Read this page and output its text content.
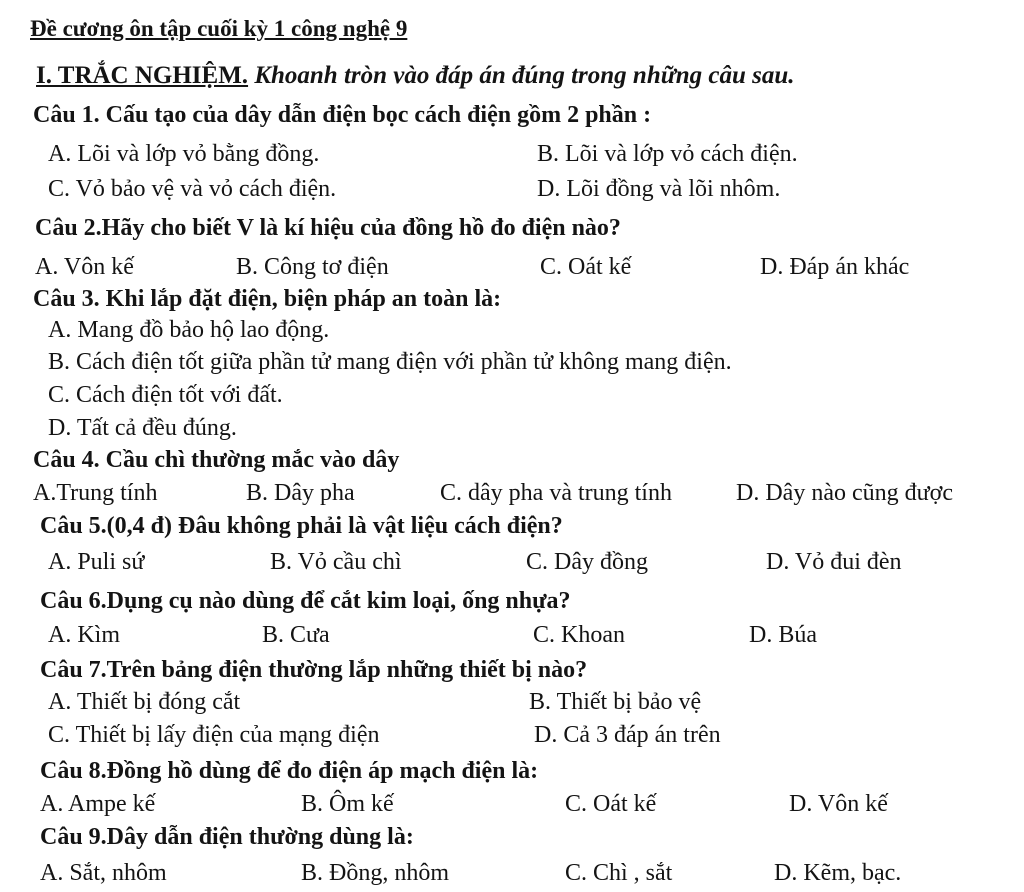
Đề cương ôn tập cuối kỳ 1 công nghệ 9
I. TRẮC NGHIỆM. Khoanh tròn vào đáp án đúng trong những câu sau.
Câu 1. Cấu tạo của dây dẫn điện bọc cách điện gồm 2 phần :
A. Lõi và lớp vỏ bằng đồng.	B. Lõi và lớp vỏ cách điện.
C. Vỏ bảo vệ và vỏ cách điện.	D. Lõi đồng và lõi nhôm.
Câu 2.Hãy cho biết V là kí hiệu của đồng hồ đo điện nào?
A. Vôn kế	B. Công tơ điện	C. Oát kế	D. Đáp án khác
Câu 3. Khi lắp đặt điện, biện pháp an toàn là:
A. Mang đồ bảo hộ lao động.
B. Cách điện tốt giữa phần tử mang điện với phần tử không mang điện.
C. Cách điện tốt với đất.
D. Tất cả đều đúng.
Câu 4. Cầu chì thường mắc vào dây
A.Trung tính	B. Dây pha	C. dây pha và trung tính	D. Dây nào cũng được
Câu 5.(0,4 đ) Đâu không phải là vật liệu cách điện?
A. Puli sứ	B. Vỏ cầu chì	C. Dây đồng	D. Vỏ đui đèn
Câu 6.Dụng cụ nào dùng để cắt kim loại, ống nhựa?
A. Kìm	B. Cưa	C. Khoan	D. Búa
Câu 7.Trên bảng điện thường lắp những thiết bị nào?
A. Thiết bị đóng cắt	B. Thiết bị bảo vệ
C. Thiết bị lấy điện của mạng điện	D. Cả 3 đáp án trên
Câu 8.Đồng hồ dùng để đo điện áp mạch điện là:
A. Ampe kế	B. Ôm kế	C. Oát kế	D. Vôn kế
Câu 9.Dây dẫn điện thường dùng là:
A. Sắt, nhôm	B. Đồng, nhôm	C. Chì , sắt	D. Kẽm, bạc.
